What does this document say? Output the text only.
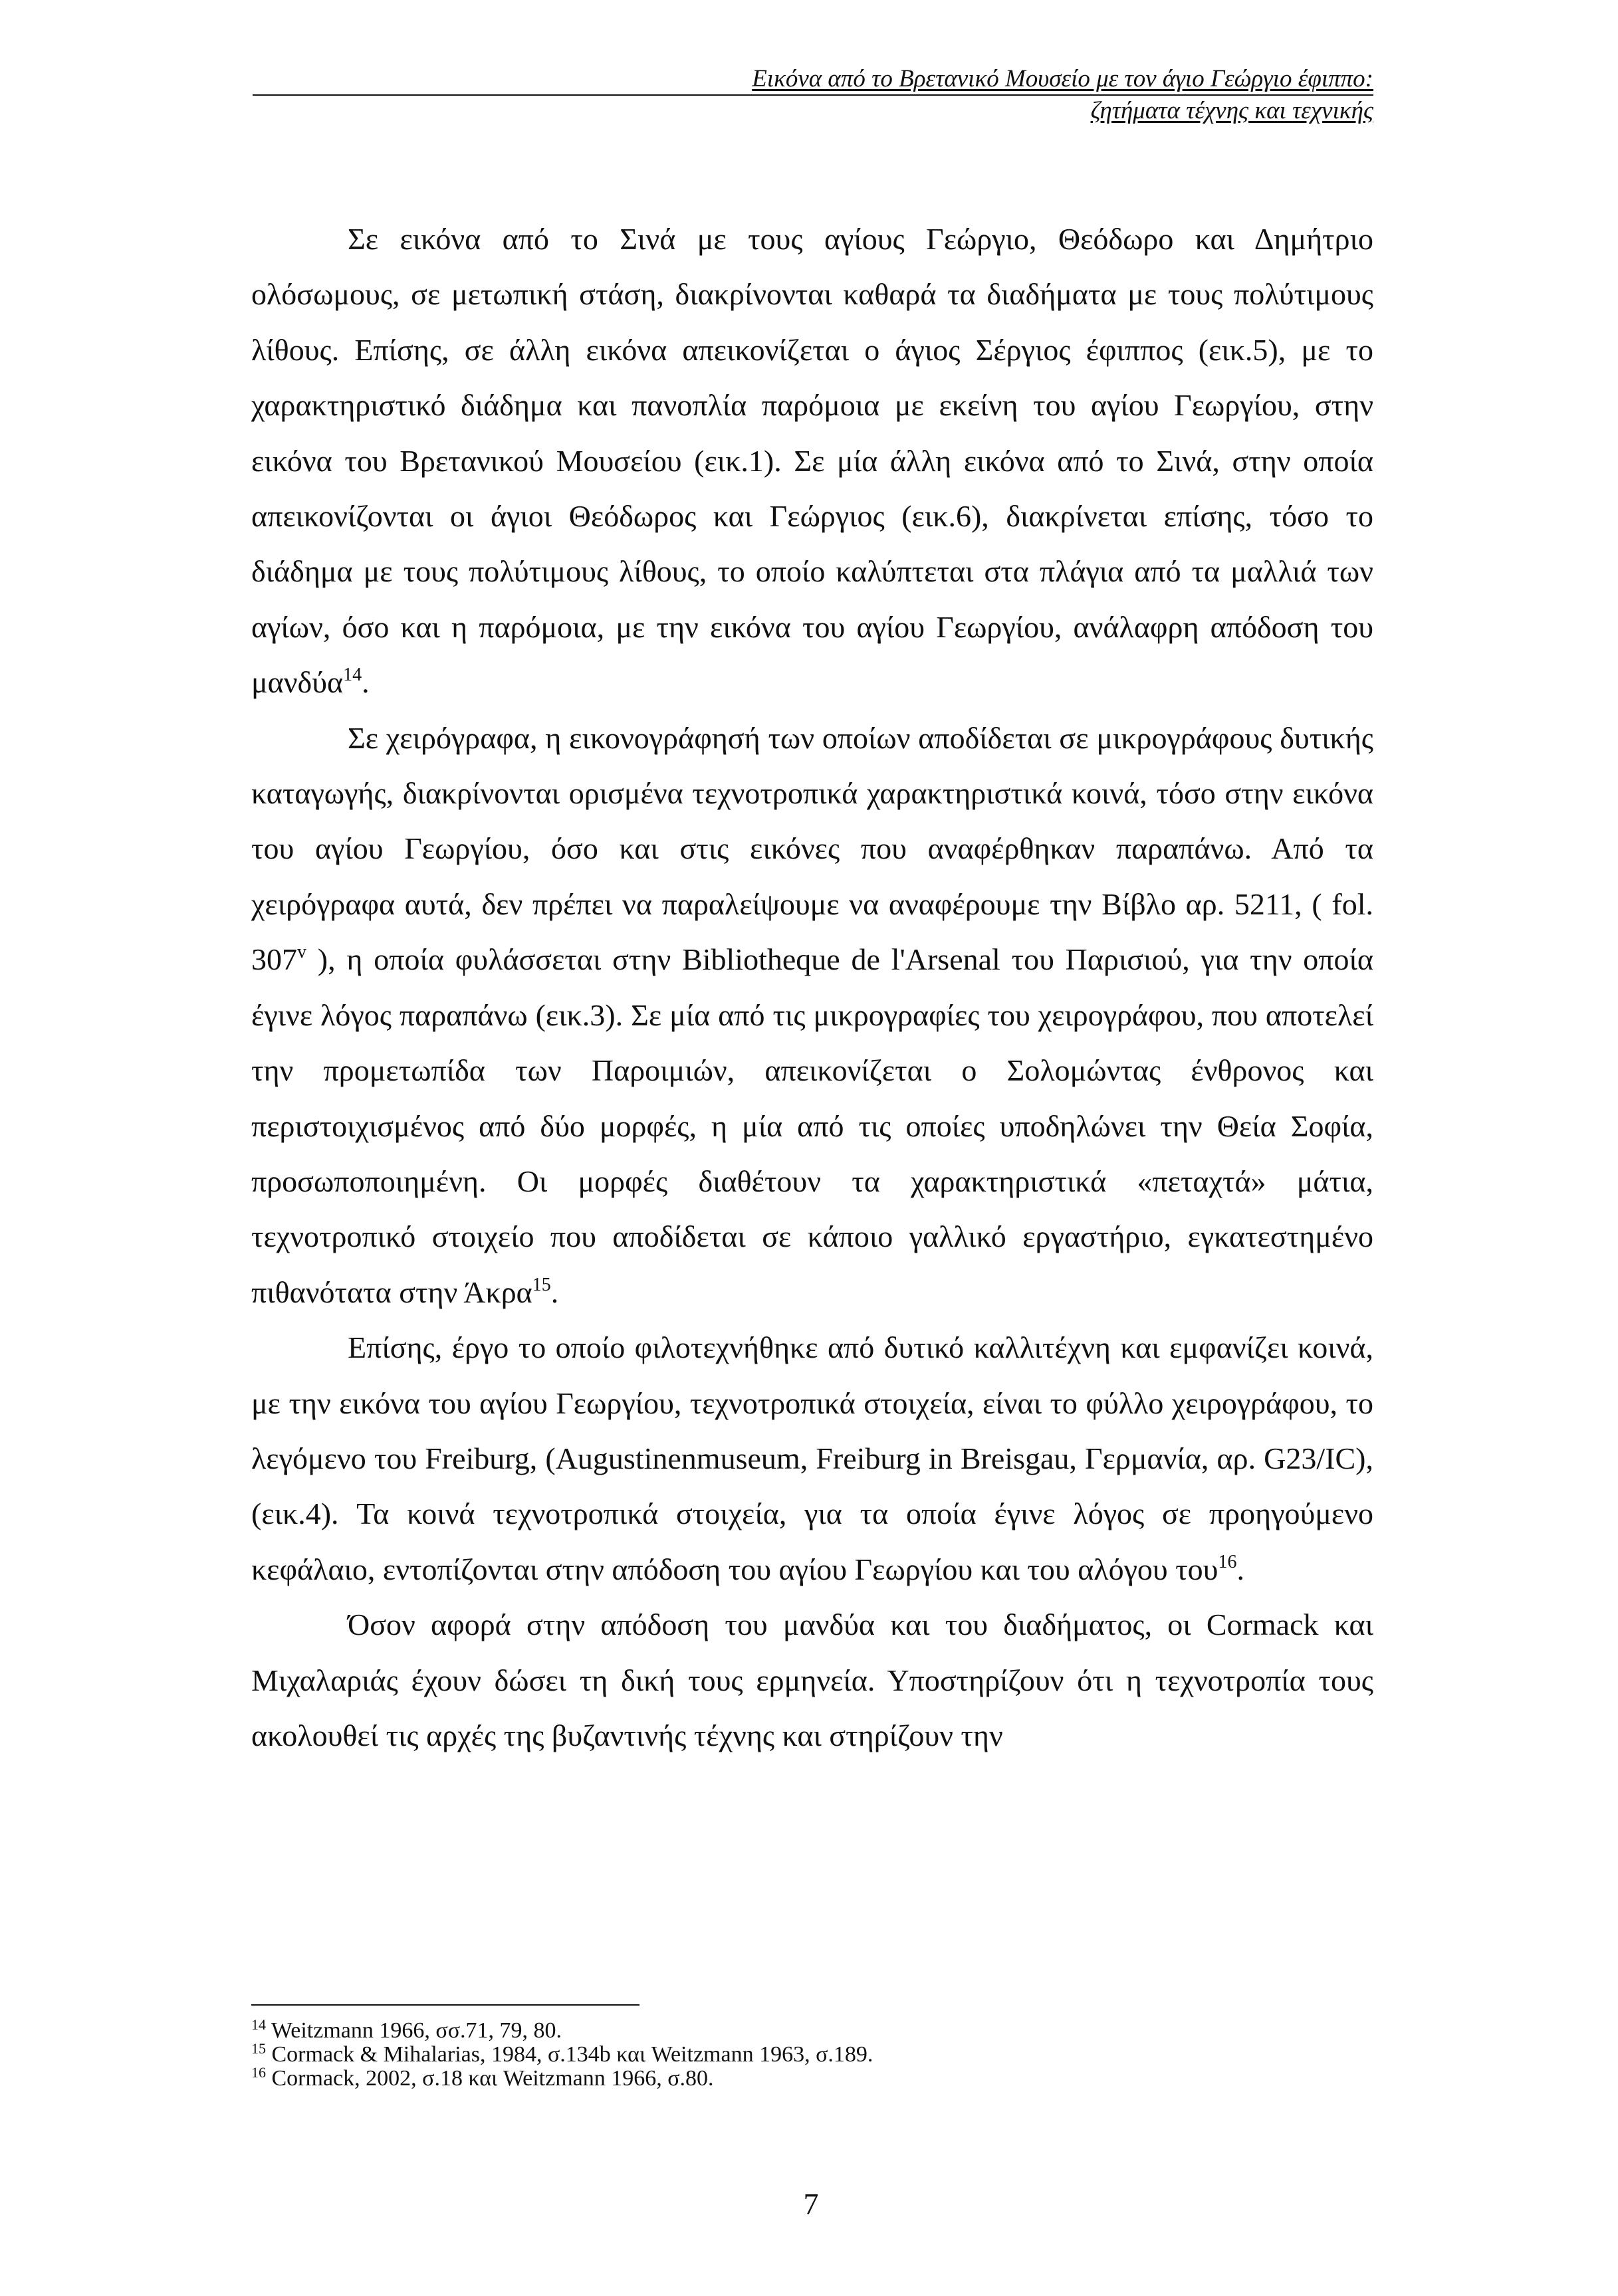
Εικόνα από το Βρετανικό Μουσείο με τον άγιο Γεώργιο έφιππο:
ζητήματα τέχνης και τεχνικής

Σε εικόνα από το Σινά με τους αγίους Γεώργιο, Θεόδωρο και Δημήτριο ολόσωμους, σε μετωπική στάση, διακρίνονται καθαρά τα διαδήματα με τους πολύτιμους λίθους. Επίσης, σε άλλη εικόνα απεικονίζεται ο άγιος Σέργιος έφιππος (εικ.5), με το χαρακτηριστικό διάδημα και πανοπλία παρόμοια με εκείνη του αγίου Γεωργίου, στην εικόνα του Βρετανικού Μουσείου (εικ.1). Σε μία άλλη εικόνα από το Σινά, στην οποία απεικονίζονται οι άγιοι Θεόδωρος και Γεώργιος (εικ.6), διακρίνεται επίσης, τόσο το διάδημα με τους πολύτιμους λίθους, το οποίο καλύπτεται στα πλάγια από τα μαλλιά των αγίων, όσο και η παρόμοια, με την εικόνα του αγίου Γεωργίου, ανάλαφρη απόδοση του μανδύα$^{14}$.

Σε χειρόγραφα, η εικονογράφησή των οποίων αποδίδεται σε μικρογράφους δυτικής καταγωγής, διακρίνονται ορισμένα τεχνοτροπικά χαρακτηριστικά κοινά, τόσο στην εικόνα του αγίου Γεωργίου, όσο και στις εικόνες που αναφέρθηκαν παραπάνω. Από τα χειρόγραφα αυτά, δεν πρέπει να παραλείψουμε να αναφέρουμε την Βίβλο αρ. 5211, ( fol. 307$^v$ ), η οποία φυλάσσεται στην Bibliotheque de l'Arsenal του Παρισιού, για την οποία έγινε λόγος παραπάνω (εικ.3). Σε μία από τις μικρογραφίες του χειρογράφου, που αποτελεί την προμετωπίδα των Παροιμιών, απεικονίζεται ο Σολομώντας ένθρονος και περιστοιχισμένος από δύο μορφές, η μία από τις οποίες υποδηλώνει την Θεία Σοφία, προσωποποιημένη. Οι μορφές διαθέτουν τα χαρακτηριστικά «πεταχτά» μάτια, τεχνοτροπικό στοιχείο που αποδίδεται σε κάποιο γαλλικό εργαστήριο, εγκατεστημένο πιθανότατα στην Άκρα$^{15}$.

Επίσης, έργο το οποίο φιλοτεχνήθηκε από δυτικό καλλιτέχνη και εμφανίζει κοινά, με την εικόνα του αγίου Γεωργίου, τεχνοτροπικά στοιχεία, είναι το φύλλο χειρογράφου, το λεγόμενο του Freiburg, (Augustinenmuseum, Freiburg in Breisgau, Γερμανία, αρ. G23/IC), (εικ.4). Τα κοινά τεχνοτροπικά στοιχεία, για τα οποία έγινε λόγος σε προηγούμενο κεφάλαιο, εντοπίζονται στην απόδοση του αγίου Γεωργίου και του αλόγου του$^{16}$.

Όσον αφορά στην απόδοση του μανδύα και του διαδήματος, οι Cormack και Μιχαλαριάς έχουν δώσει τη δική τους ερμηνεία. Υποστηρίζουν ότι η τεχνοτροπία τους ακολουθεί τις αρχές της βυζαντινής τέχνης και στηρίζουν την

$^{14}$ Weitzmann 1966, σσ.71, 79, 80.

$^{15}$ Cormack & Mihalarias, 1984, σ.134b και Weitzmann 1963, σ.189.

$^{16}$ Cormack, 2002, σ.18 και Weitzmann 1966, σ.80.

7
